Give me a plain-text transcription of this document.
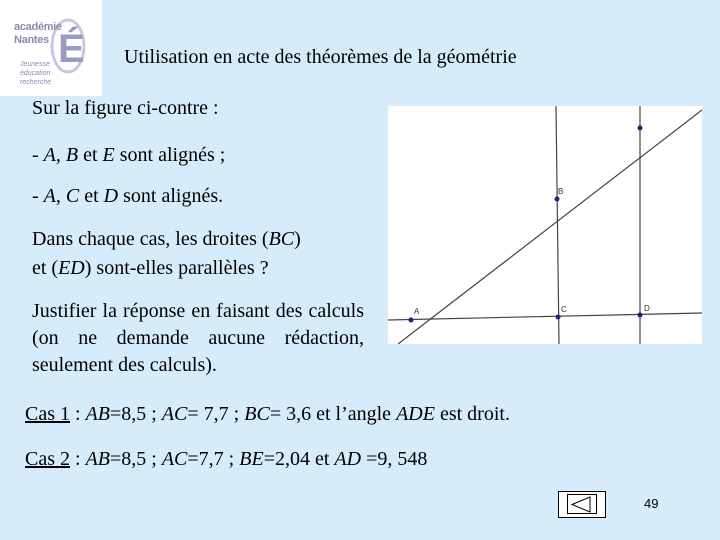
É
académie
Nantes
Jeunesse
éducation
recherche
Utilisation en acte des théorèmes de la géométrie
Sur la figure ci-contre :
- A, B et E sont alignés ;
- A, C et D sont alignés.
Dans chaque cas, les droites (BC)
et (ED) sont-elles parallèles ?
Justifier la réponse en faisant des calculs (on ne demande aucune rédaction, seulement des calculs).
A
B
C	D
Cas 1 : AB=8,5 ; AC= 7,7 ; BC= 3,6 et l’angle ADE est droit.
Cas 2 : AB=8,5 ; AC=7,7 ; BE=2,04 et AD =9, 548
49
